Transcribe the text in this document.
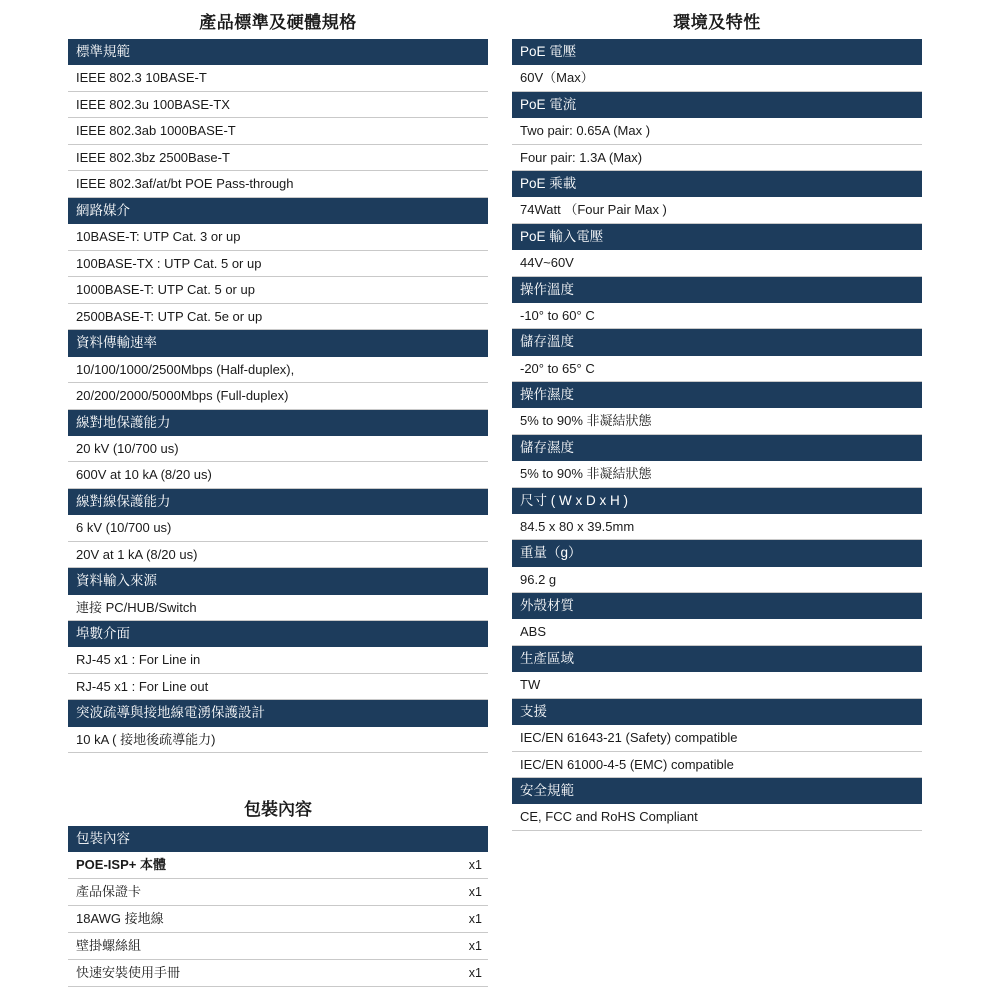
產品標準及硬體規格
標準規範
IEEE 802.3 10BASE-T
IEEE 802.3u 100BASE-TX
IEEE 802.3ab 1000BASE-T
IEEE 802.3bz 2500Base-T
IEEE 802.3af/at/bt POE Pass-through
網路媒介
10BASE-T: UTP Cat. 3 or up
100BASE-TX : UTP Cat. 5 or up
1000BASE-T: UTP Cat. 5 or up
2500BASE-T: UTP Cat. 5e or up
資料傳輸速率
10/100/1000/2500Mbps (Half-duplex),
20/200/2000/5000Mbps (Full-duplex)
線對地保護能力
20 kV (10/700 us)
600V at 10 kA (8/20 us)
線對線保護能力
6 kV (10/700 us)
20V at 1 kA (8/20 us)
資料輸入來源
連接 PC/HUB/Switch
埠數介面
RJ-45 x1 : For Line in
RJ-45 x1 : For Line out
突波疏導與接地線電湧保護設計
10 kA ( 接地後疏導能力)
包裝內容
包裝內容
POE-ISP+ 本體	x1
產品保證卡	x1
18AWG 接地線	x1
壁掛螺絲組	x1
快速安裝使用手冊	x1
環境及特性
PoE 電壓
60V（Max）
PoE 電流
Two pair: 0.65A (Max )
Four pair: 1.3A (Max)
PoE 乘載
74Watt （Four Pair Max )
PoE 輸入電壓
44V~60V
操作溫度
-10° to 60° C
儲存溫度
-20° to 65° C
操作濕度
5% to 90% 非凝結狀態
儲存濕度
5% to 90% 非凝結狀態
尺寸 ( W x D x H )
84.5 x 80 x 39.5mm
重量（g）
96.2 g
外殼材質
ABS
生產區域
TW
支援
IEC/EN 61643-21 (Safety) compatible
IEC/EN 61000-4-5 (EMC) compatible
安全規範
CE, FCC and RoHS Compliant
